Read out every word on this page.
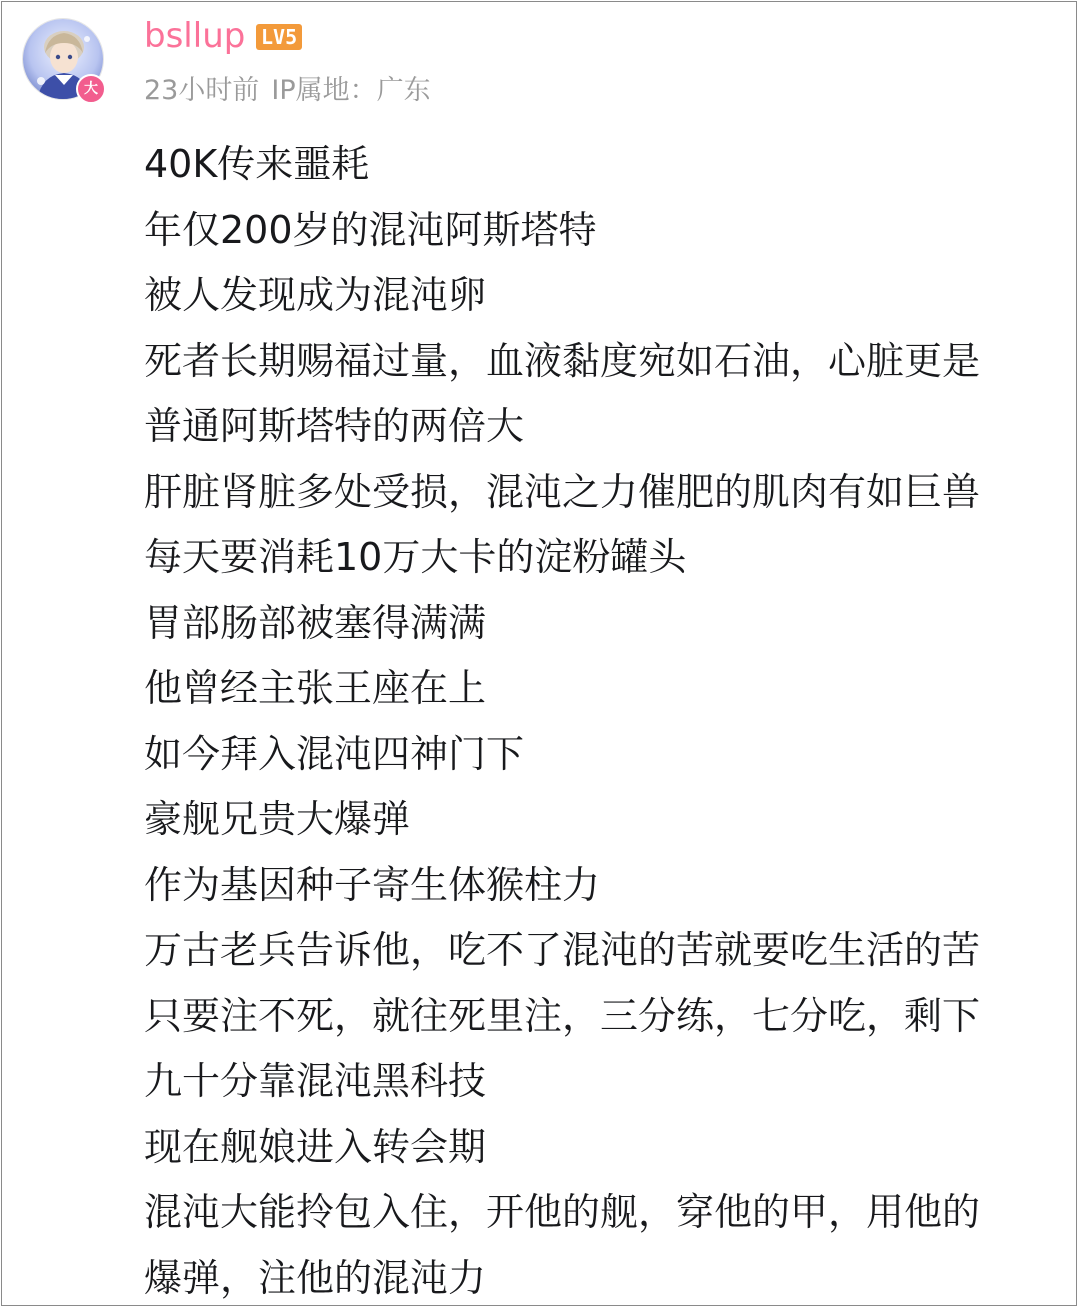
大
bsllup LV5
23小时前 IP属地：广东
40K传来噩耗
年仅200岁的混沌阿斯塔特
被人发现成为混沌卵
死者长期赐福过量，血液黏度宛如石油，心脏更是
普通阿斯塔特的两倍大
肝脏肾脏多处受损，混沌之力催肥的肌肉有如巨兽
每天要消耗10万大卡的淀粉罐头
胃部肠部被塞得满满
他曾经主张王座在上
如今拜入混沌四神门下
豪舰兄贵大爆弹
作为基因种子寄生体猴柱力
万古老兵告诉他，吃不了混沌的苦就要吃生活的苦
只要注不死，就往死里注，三分练，七分吃，剩下
九十分靠混沌黑科技
现在舰娘进入转会期
混沌大能拎包入住，开他的舰，穿他的甲，用他的
爆弹，注他的混沌力
